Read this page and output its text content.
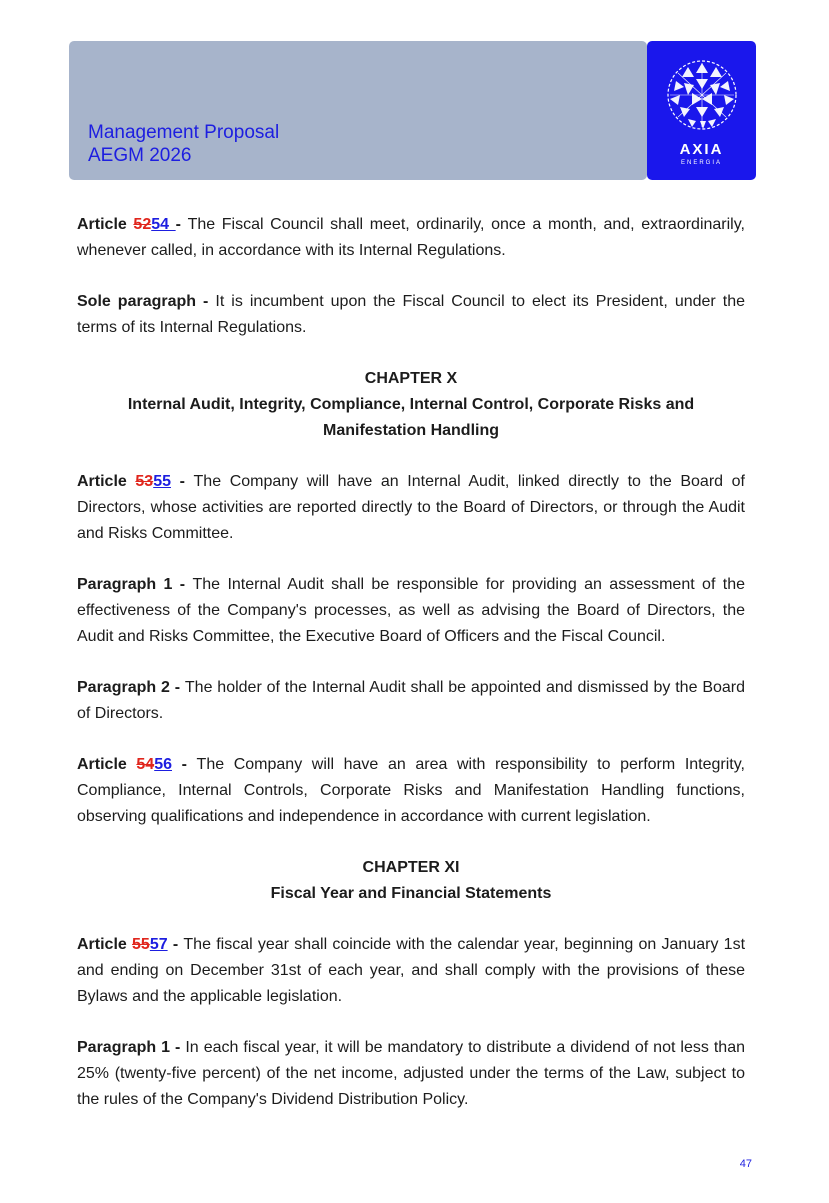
Management Proposal
AEGM 2026	AXIA
ENERGIA

Article 5254 - The Fiscal Council shall meet, ordinarily, once a month, and, extraordinarily, whenever called, in accordance with its Internal Regulations.

Sole paragraph - It is incumbent upon the Fiscal Council to elect its President, under the terms of its Internal Regulations.

CHAPTER X
Internal Audit, Integrity, Compliance, Internal Control, Corporate Risks and Manifestation Handling

Article 5355 - The Company will have an Internal Audit, linked directly to the Board of Directors, whose activities are reported directly to the Board of Directors, or through the Audit and Risks Committee.

Paragraph 1 - The Internal Audit shall be responsible for providing an assessment of the effectiveness of the Company's processes, as well as advising the Board of Directors, the Audit and Risks Committee, the Executive Board of Officers and the Fiscal Council.

Paragraph 2 - The holder of the Internal Audit shall be appointed and dismissed by the Board of Directors.

Article 5456 - The Company will have an area with responsibility to perform Integrity, Compliance, Internal Controls, Corporate Risks and Manifestation Handling functions, observing qualifications and independence in accordance with current legislation.

CHAPTER XI
Fiscal Year and Financial Statements

Article 5557 - The fiscal year shall coincide with the calendar year, beginning on January 1st and ending on December 31st of each year, and shall comply with the provisions of these Bylaws and the applicable legislation.

Paragraph 1 - In each fiscal year, it will be mandatory to distribute a dividend of not less than 25% (twenty-five percent) of the net income, adjusted under the terms of the Law, subject to the rules of the Company's Dividend Distribution Policy.

47
